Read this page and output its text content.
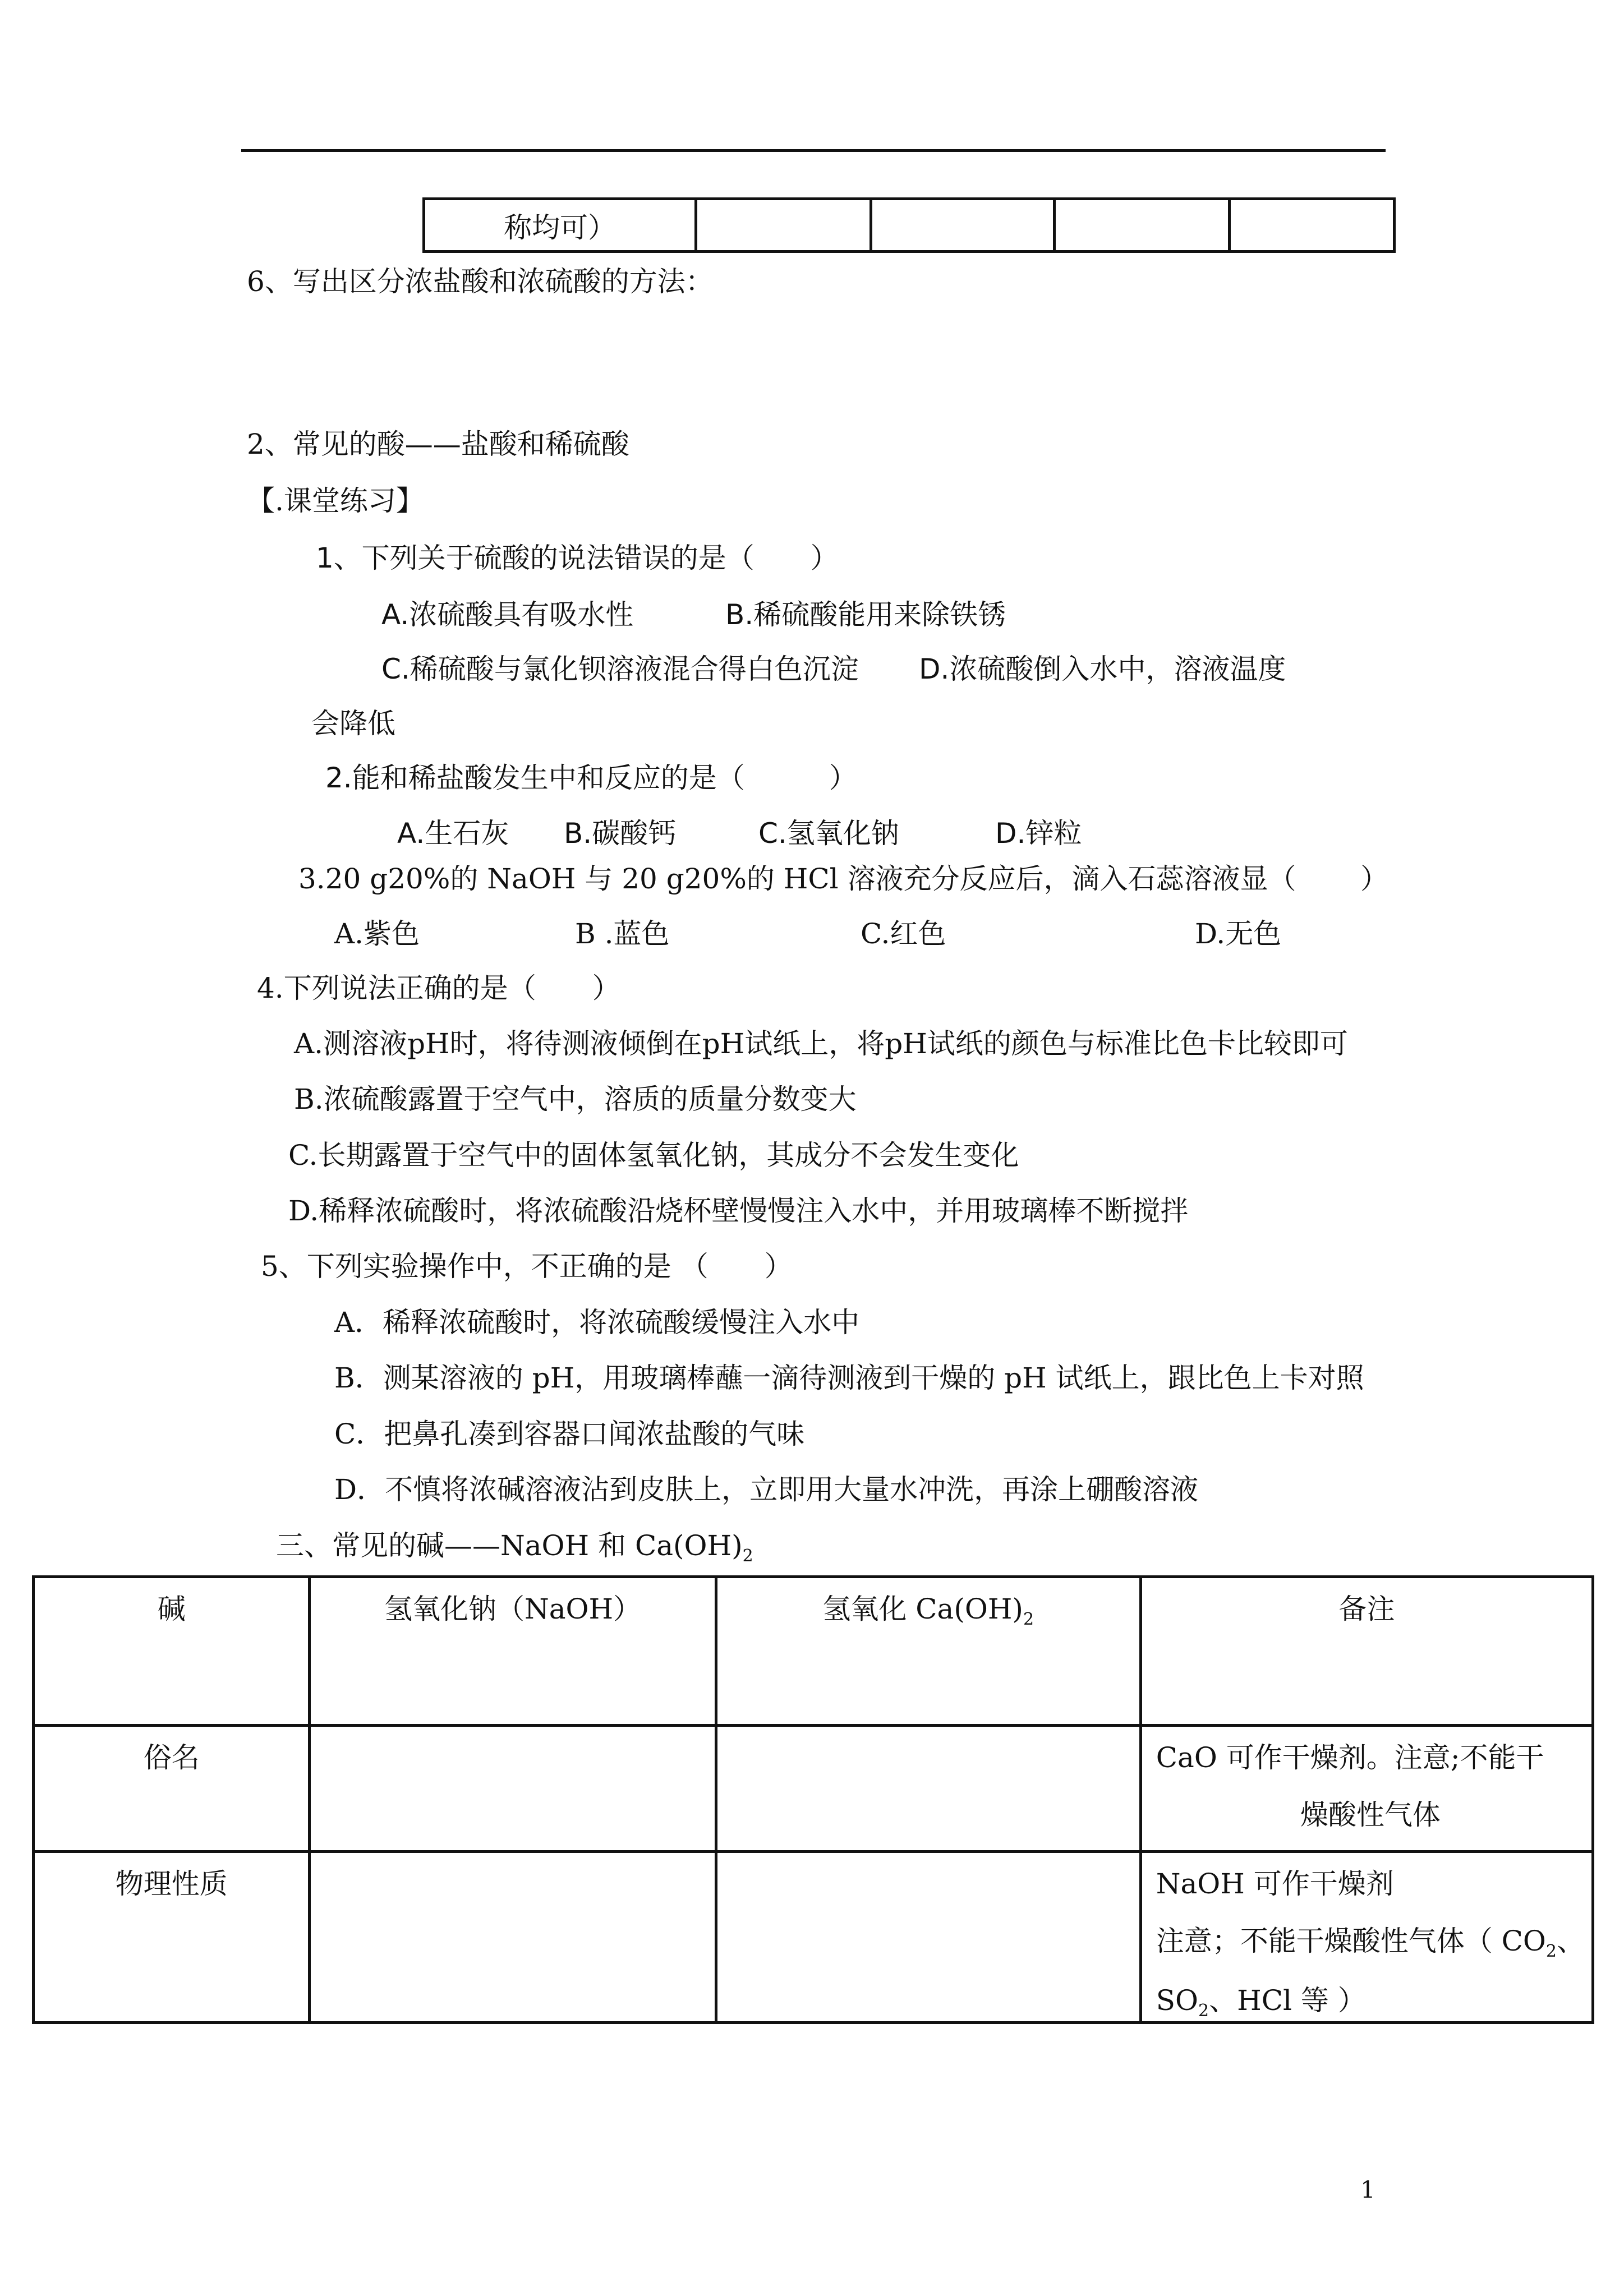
称均可）				
6、写出区分浓盐酸和浓硫酸的方法：
2、常见的酸——盐酸和稀硫酸
【.课堂练习】
1、下列关于硫酸的说法错误的是（　　）
A.浓硫酸具有吸水性	B.稀硫酸能用来除铁锈
C.稀硫酸与氯化钡溶液混合得白色沉淀 D.浓硫酸倒入水中，溶液温度
会降低
2.能和稀盐酸发生中和反应的是（　　　）
A.生石灰 B.碳酸钙	C.氢氧化钠	D.锌粒
3.20 g20%的 NaOH 与 20 g20%的 HCl 溶液充分反应后，滴入石蕊溶液显（ ）
A.紫色	B .蓝色	C.红色	D.无色
4.下列说法正确的是（　　）
A.测溶液pH时，将待测液倾倒在pH试纸上，将pH试纸的颜色与标准比色卡比较即可
B.浓硫酸露置于空气中，溶质的质量分数变大
C.长期露置于空气中的固体氢氧化钠，其成分不会发生变化
D.稀释浓硫酸时，将浓硫酸沿烧杯壁慢慢注入水中，并用玻璃棒不断搅拌
5、下列实验操作中，不正确的是 （　　）
A．稀释浓硫酸时，将浓硫酸缓慢注入水中
B．测某溶液的 pH，用玻璃棒蘸一滴待测液到干燥的 pH 试纸上，跟比色上卡对照
C．把鼻孔凑到容器口闻浓盐酸的气味
D．不慎将浓碱溶液沾到皮肤上，立即用大量水冲洗，再涂上硼酸溶液
三、常见的碱——NaOH 和 $Ca(OH)_2$
碱	氢氧化钠（NaOH）	氢氧化 $Ca(OH)_2$	备注
俗名			CaO 可作干燥剂。注意;不能干
燥酸性气体

物理性质			NaOH 可作干燥剂
注意；不能干燥酸性气体（ $CO_2$、
$SO_2$、HCl 等 ）
1
